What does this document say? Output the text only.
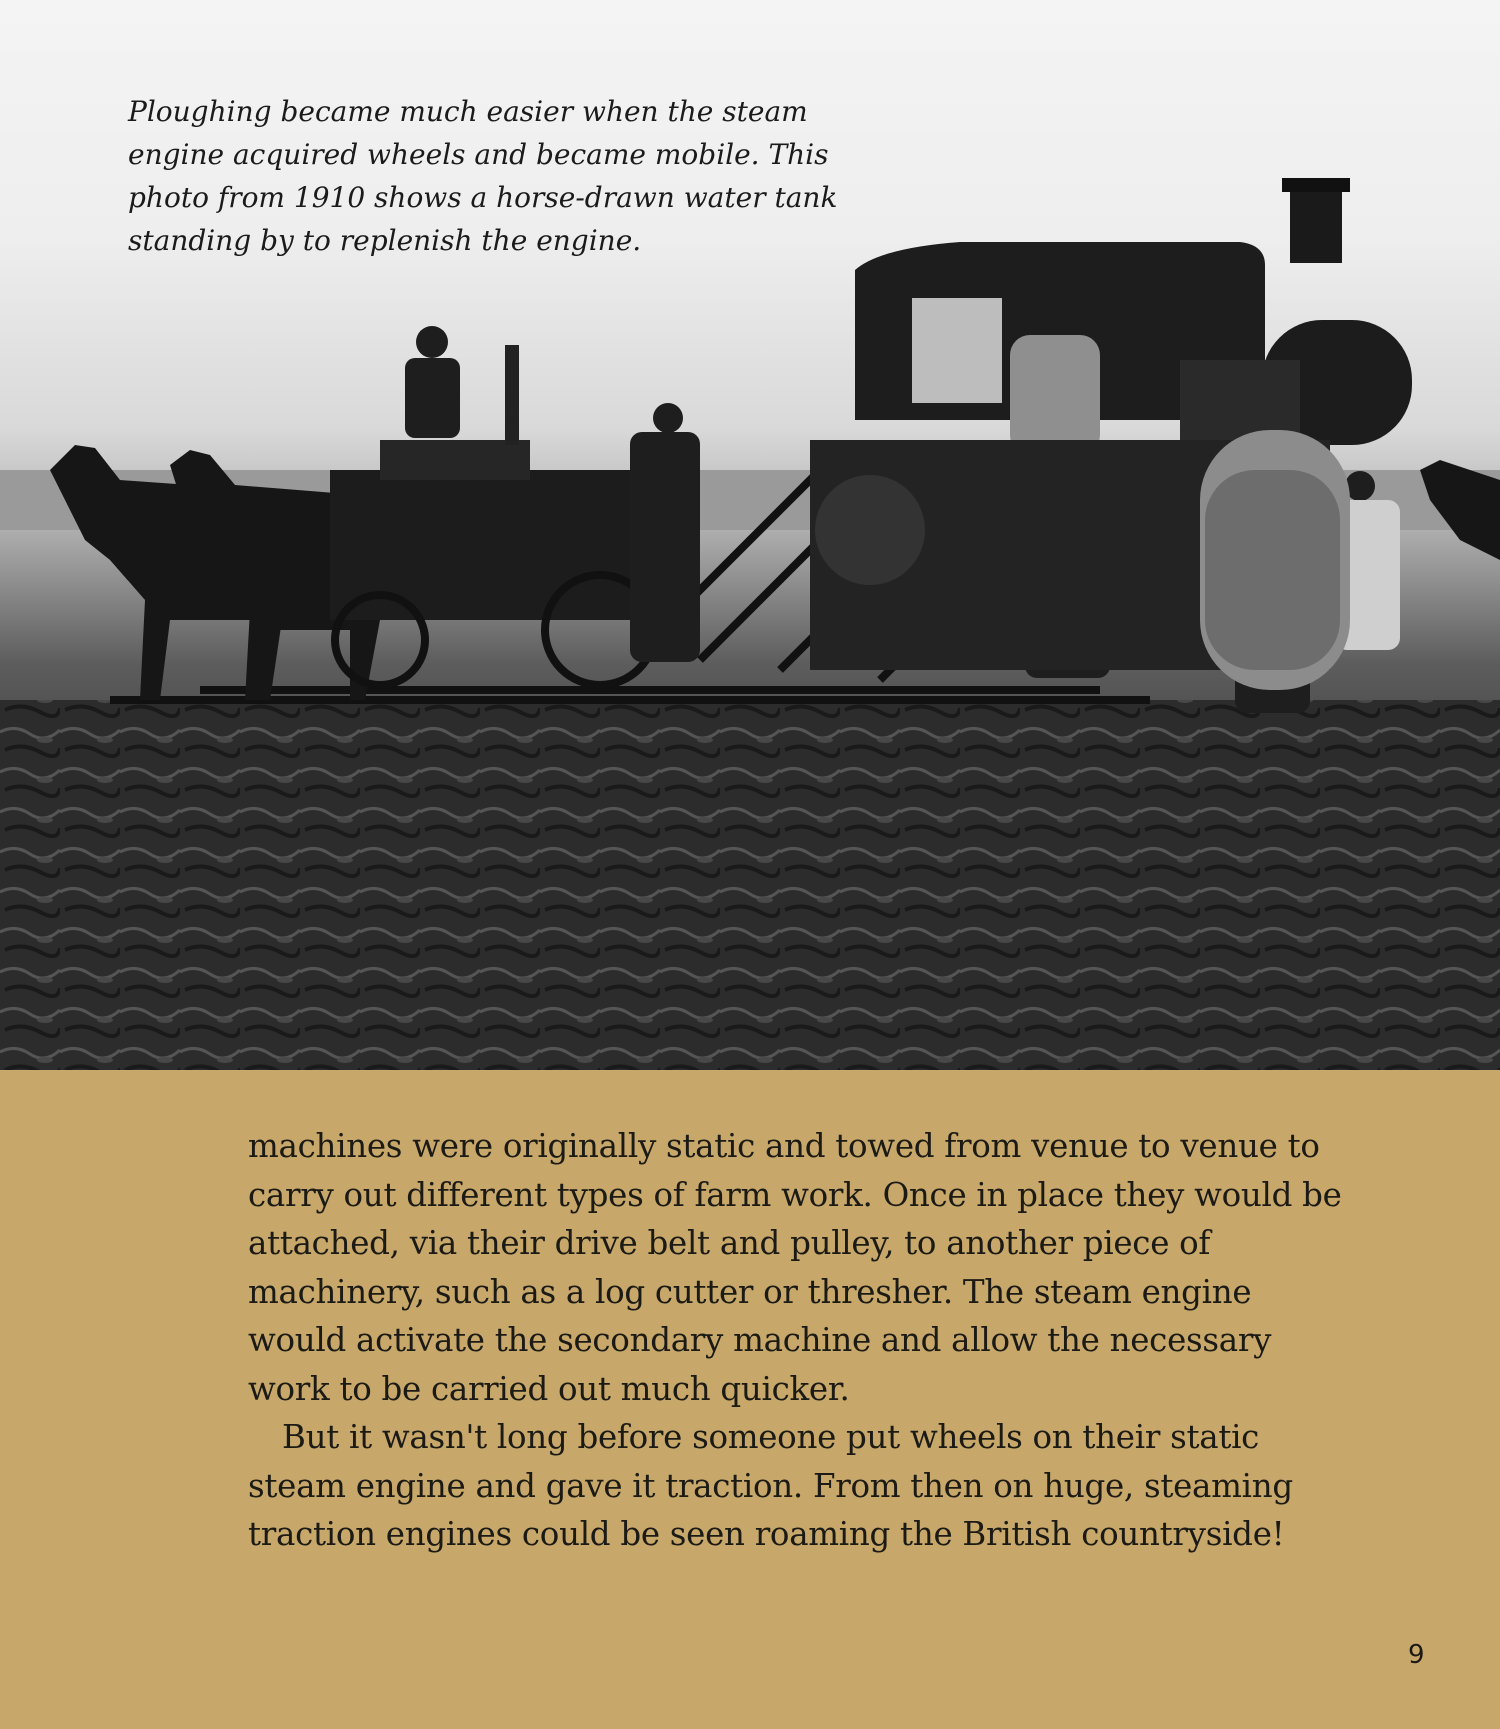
Ploughing became much easier when the steam engine acquired wheels and became mobile. This photo from 1910 shows a horse-drawn water tank standing by to replenish the engine.

machines were originally static and towed from venue to venue to carry out different types of farm work. Once in place they would be attached, via their drive belt and pulley, to another piece of machinery, such as a log cutter or thresher. The steam engine would activate the secondary machine and allow the necessary work to be carried out much quicker.

But it wasn't long before someone put wheels on their static steam engine and gave it traction. From then on huge, steaming traction engines could be seen roaming the British countryside!

9
